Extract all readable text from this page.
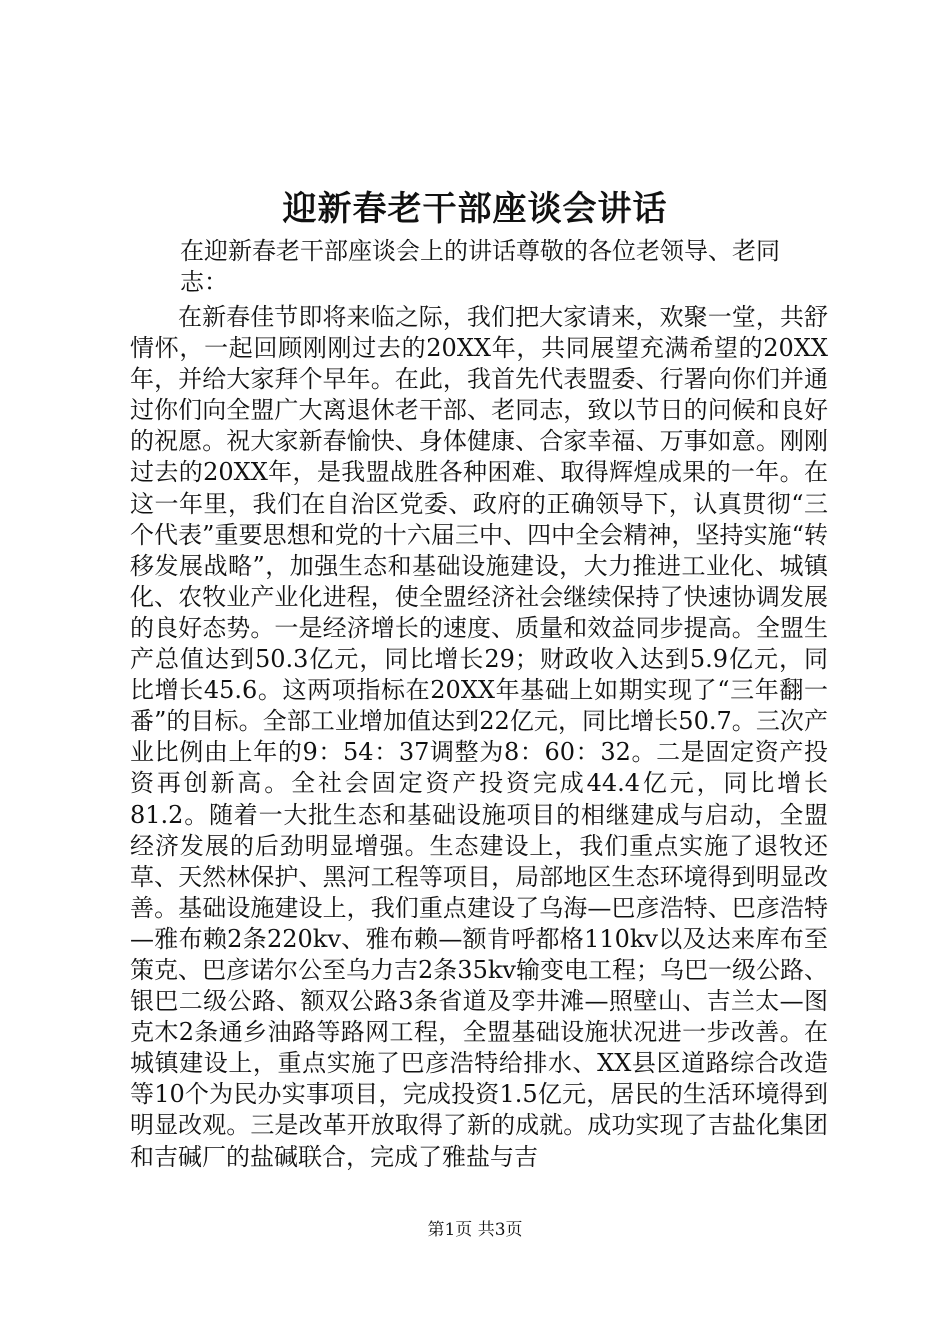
迎新春老干部座谈会讲话
在迎新春老干部座谈会上的讲话尊敬的各位老领导、老同志：
在新春佳节即将来临之际，我们把大家请来，欢聚一堂，共舒情怀，一起回顾刚刚过去的20XX年，共同展望充满希望的20XX年，并给大家拜个早年。在此，我首先代表盟委、行署向你们并通过你们向全盟广大离退休老干部、老同志，致以节日的问候和良好的祝愿。祝大家新春愉快、身体健康、合家幸福、万事如意。刚刚过去的20XX年，是我盟战胜各种困难、取得辉煌成果的一年。在这一年里，我们在自治区党委、政府的正确领导下，认真贯彻“三个代表”重要思想和党的十六届三中、四中全会精神，坚持实施“转移发展战略”，加强生态和基础设施建设，大力推进工业化、城镇化、农牧业产业化进程，使全盟经济社会继续保持了快速协调发展的良好态势。一是经济增长的速度、质量和效益同步提高。全盟生产总值达到50.3亿元，同比增长29；财政收入达到5.9亿元，同比增长45.6。这两项指标在20XX年基础上如期实现了“三年翻一番”的目标。全部工业增加值达到22亿元，同比增长50.7。三次产业比例由上年的9：54：37调整为8：60：32。二是固定资产投资再创新高。全社会固定资产投资完成44.4亿元，同比增长81.2。随着一大批生态和基础设施项目的相继建成与启动，全盟经济发展的后劲明显增强。生态建设上，我们重点实施了退牧还草、天然林保护、黑河工程等项目，局部地区生态环境得到明显改善。基础设施建设上，我们重点建设了乌海—巴彦浩特、巴彦浩特—雅布赖2条220kv、雅布赖—额肯呼都格110kv以及达来库布至策克、巴彦诺尔公至乌力吉2条35kv输变电工程；乌巴一级公路、银巴二级公路、额双公路3条省道及孪井滩—照壁山、吉兰太—图克木2条通乡油路等路网工程，全盟基础设施状况进一步改善。在城镇建设上，重点实施了巴彦浩特给排水、XX县区道路综合改造等10个为民办实事项目，完成投资1.5亿元，居民的生活环境得到明显改观。三是改革开放取得了新的成就。成功实现了吉盐化集团和吉碱厂的盐碱联合，完成了雅盐与吉
第1页 共3页
